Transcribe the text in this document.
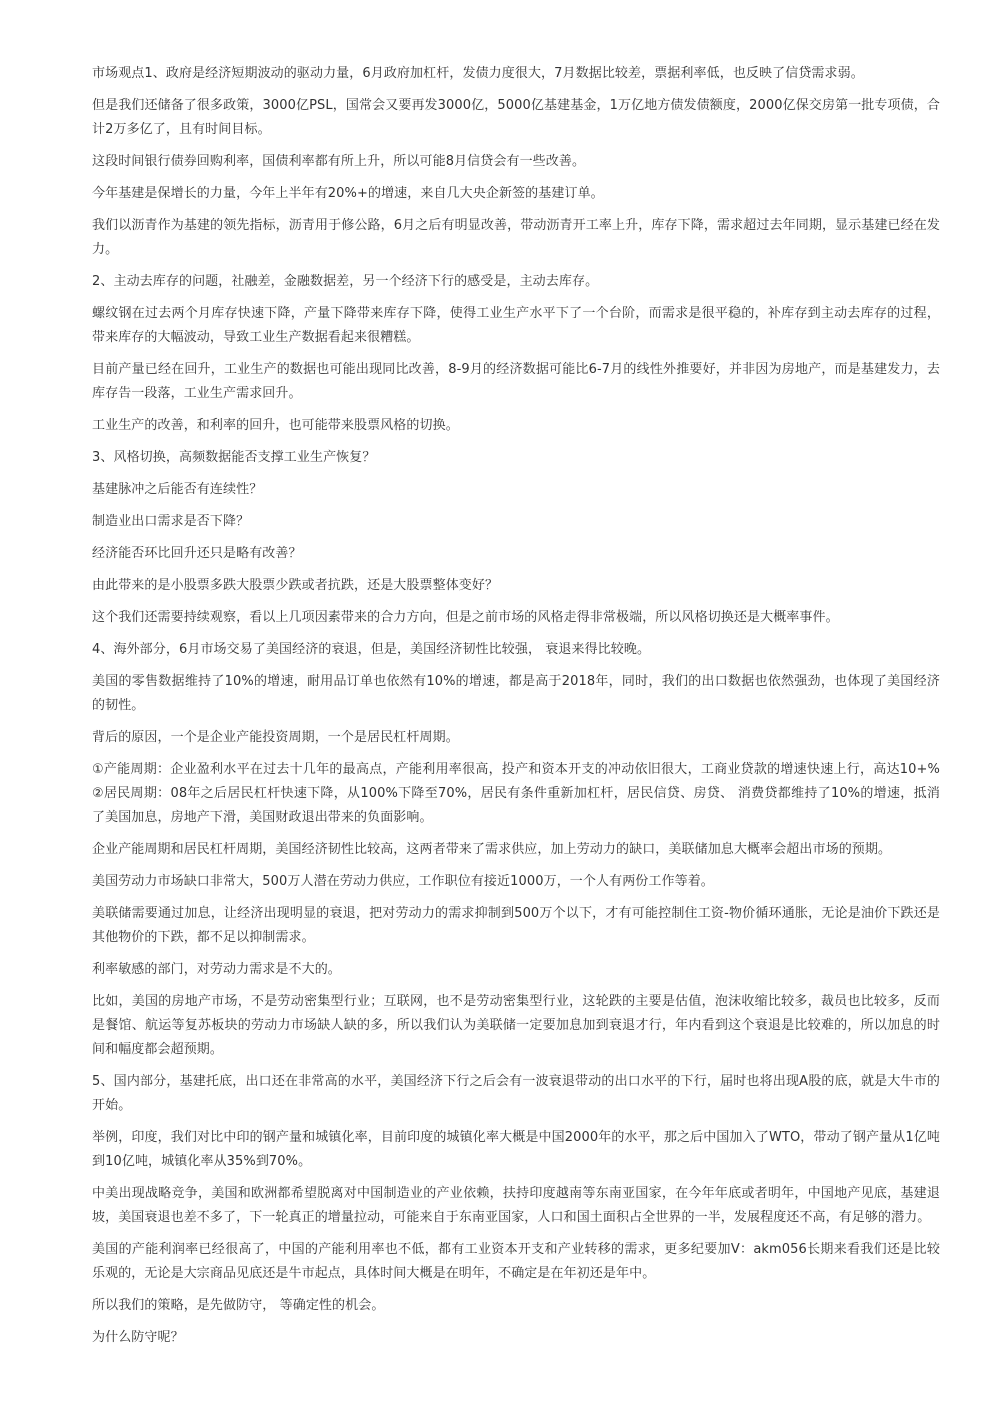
市场观点1、政府是经济短期波动的驱动力量，6月政府加杠杆，发债力度很大，7月数据比较差，票据利率低，也反映了信贷需求弱。

但是我们还储备了很多政策，3000亿PSL，国常会又要再发3000亿，5000亿基建基金，1万亿地方债发债额度，2000亿保交房第一批专项债，合计2万多亿了，且有时间目标。

这段时间银行债券回购利率，国债利率都有所上升，所以可能8月信贷会有一些改善。

今年基建是保增长的力量，今年上半年有20%+的增速，来自几大央企新签的基建订单。

我们以沥青作为基建的领先指标，沥青用于修公路，6月之后有明显改善，带动沥青开工率上升，库存下降，需求超过去年同期，显示基建已经在发力。

2、主动去库存的问题，社融差，金融数据差，另一个经济下行的感受是，主动去库存。

螺纹钢在过去两个月库存快速下降，产量下降带来库存下降，使得工业生产水平下了一个台阶，而需求是很平稳的，补库存到主动去库存的过程，带来库存的大幅波动，导致工业生产数据看起来很糟糕。

目前产量已经在回升，工业生产的数据也可能出现同比改善，8-9月的经济数据可能比6-7月的线性外推要好，并非因为房地产，而是基建发力，去库存告一段落，工业生产需求回升。

工业生产的改善，和利率的回升，也可能带来股票风格的切换。

3、风格切换，高频数据能否支撑工业生产恢复？

基建脉冲之后能否有连续性？

制造业出口需求是否下降？

经济能否环比回升还只是略有改善？

由此带来的是小股票多跌大股票少跌或者抗跌，还是大股票整体变好？

这个我们还需要持续观察，看以上几项因素带来的合力方向，但是之前市场的风格走得非常极端，所以风格切换还是大概率事件。

4、海外部分，6月市场交易了美国经济的衰退，但是，美国经济韧性比较强， 衰退来得比较晚。

美国的零售数据维持了10%的增速，耐用品订单也依然有10%的增速，都是高于2018年，同时，我们的出口数据也依然强劲，也体现了美国经济的韧性。

背后的原因，一个是企业产能投资周期，一个是居民杠杆周期。

①产能周期：企业盈利水平在过去十几年的最高点，产能利用率很高，投产和资本开支的冲动依旧很大，工商业贷款的增速快速上行，高达10+%②居民周期：08年之后居民杠杆快速下降，从100%下降至70%，居民有条件重新加杠杆，居民信贷、房贷、 消费贷都维持了10%的增速，抵消了美国加息，房地产下滑，美国财政退出带来的负面影响。

企业产能周期和居民杠杆周期，美国经济韧性比较高，这两者带来了需求供应，加上劳动力的缺口，美联储加息大概率会超出市场的预期。

美国劳动力市场缺口非常大，500万人潜在劳动力供应，工作职位有接近1000万，一个人有两份工作等着。

美联储需要通过加息，让经济出现明显的衰退，把对劳动力的需求抑制到500万个以下，才有可能控制住工资-物价循环通胀，无论是油价下跌还是其他物价的下跌，都不足以抑制需求。

利率敏感的部门，对劳动力需求是不大的。

比如，美国的房地产市场，不是劳动密集型行业；互联网，也不是劳动密集型行业，这轮跌的主要是估值，泡沫收缩比较多，裁员也比较多，反而是餐馆、航运等复苏板块的劳动力市场缺人缺的多，所以我们认为美联储一定要加息加到衰退才行，年内看到这个衰退是比较难的，所以加息的时间和幅度都会超预期。

5、国内部分，基建托底，出口还在非常高的水平，美国经济下行之后会有一波衰退带动的出口水平的下行，届时也将出现A股的底，就是大牛市的开始。

举例，印度，我们对比中印的钢产量和城镇化率，目前印度的城镇化率大概是中国2000年的水平，那之后中国加入了WTO，带动了钢产量从1亿吨到10亿吨，城镇化率从35%到70%。

中美出现战略竞争，美国和欧洲都希望脱离对中国制造业的产业依赖，扶持印度越南等东南亚国家，在今年年底或者明年，中国地产见底，基建退坡，美国衰退也差不多了，下一轮真正的增量拉动，可能来自于东南亚国家，人口和国土面积占全世界的一半，发展程度还不高，有足够的潜力。

美国的产能利润率已经很高了，中国的产能利用率也不低，都有工业资本开支和产业转移的需求，更多纪要加V：akm056长期来看我们还是比较乐观的，无论是大宗商品见底还是牛市起点，具体时间大概是在明年，不确定是在年初还是年中。

所以我们的策略，是先做防守， 等确定性的机会。

为什么防守呢？
